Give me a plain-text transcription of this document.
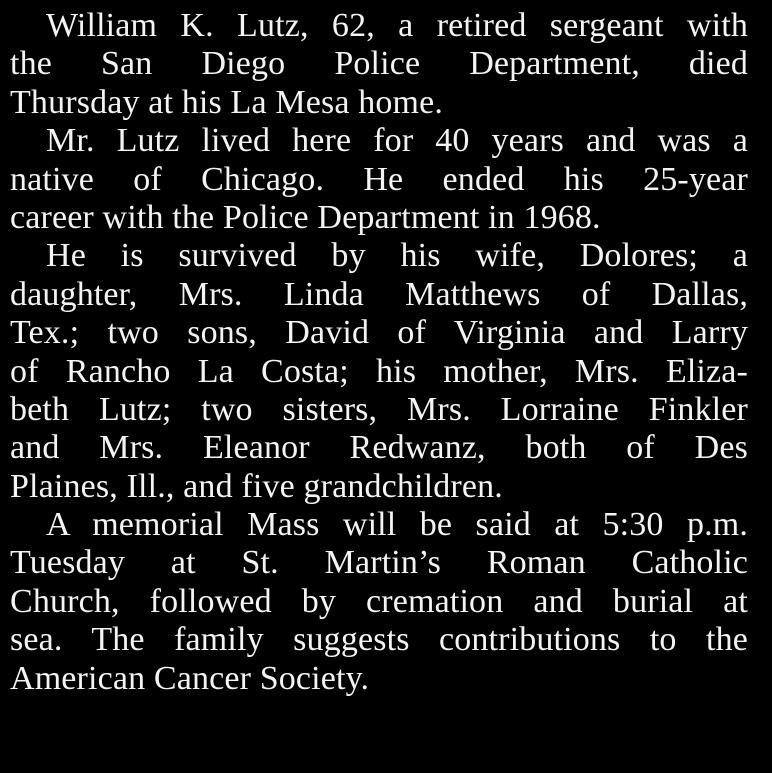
William K. Lutz, 62, a retired sergeant with
the San Diego Police Department, died
Thursday at his La Mesa home.
Mr. Lutz lived here for 40 years and was a
native of Chicago. He ended his 25-year
career with the Police Department in 1968.
He is survived by his wife, Dolores; a
daughter, Mrs. Linda Matthews of Dallas,
Tex.; two sons, David of Virginia and Larry
of Rancho La Costa; his mother, Mrs. Eliza-
beth Lutz; two sisters, Mrs. Lorraine Finkler
and Mrs. Eleanor Redwanz, both of Des
Plaines, Ill., and five grandchildren.
A memorial Mass will be said at 5:30 p.m.
Tuesday at St. Martin’s Roman Catholic
Church, followed by cremation and burial at
sea. The family suggests contributions to the
American Cancer Society.
